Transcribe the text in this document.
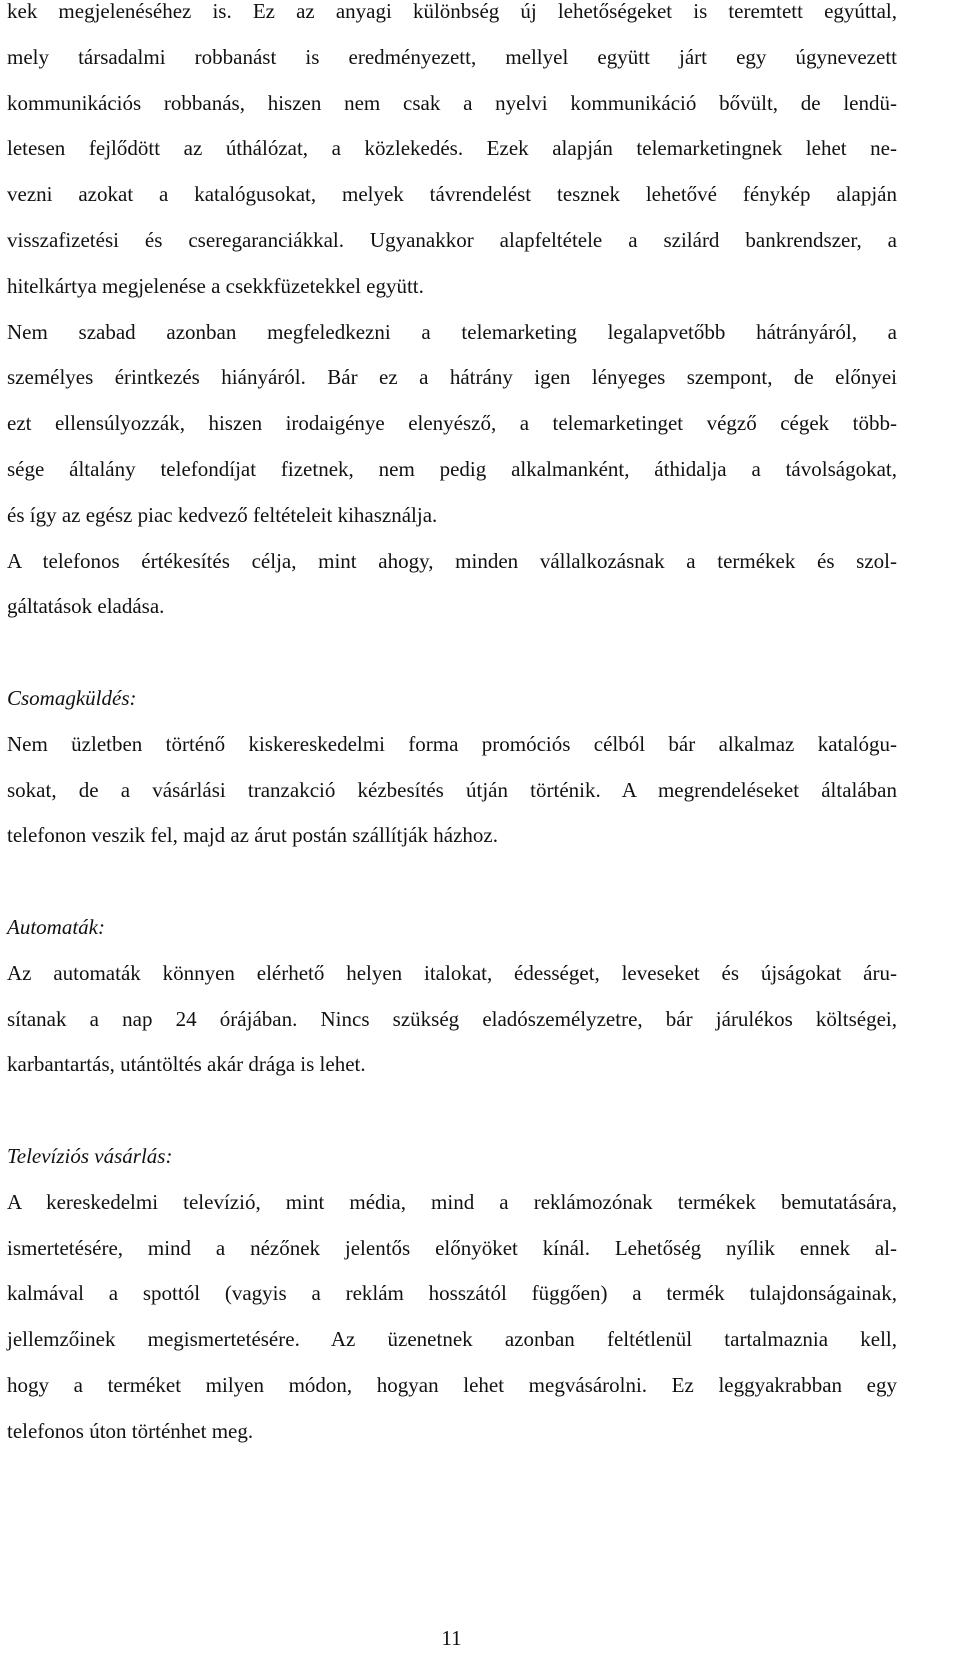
kek megjelenéséhez is. Ez az anyagi különbség új lehetőségeket is teremtett egyúttal,
mely társadalmi robbanást is eredményezett, mellyel együtt járt egy úgynevezett
kommunikációs robbanás, hiszen nem csak a nyelvi kommunikáció bővült, de lendü-
letesen fejlődött az úthálózat, a közlekedés. Ezek alapján telemarketingnek lehet ne-
vezni azokat a katalógusokat, melyek távrendelést tesznek lehetővé fénykép alapján
visszafizetési és cseregaranciákkal. Ugyanakkor alapfeltétele a szilárd bankrendszer, a
hitelkártya megjelenése a csekkfüzetekkel együtt.
Nem szabad azonban megfeledkezni a telemarketing legalapvetőbb hátrányáról, a
személyes érintkezés hiányáról. Bár ez a hátrány igen lényeges szempont, de előnyei
ezt ellensúlyozzák, hiszen irodaigénye elenyésző, a telemarketinget végző cégek több-
sége általány telefondíjat fizetnek, nem pedig alkalmanként, áthidalja a távolságokat,
és így az egész piac kedvező feltételeit kihasználja.
A telefonos értékesítés célja, mint ahogy, minden vállalkozásnak a termékek és szol-
gáltatások eladása.
Csomagküldés:
Nem üzletben történő kiskereskedelmi forma promóciós célból bár alkalmaz katalógu-
sokat, de a vásárlási tranzakció kézbesítés útján történik. A megrendeléseket általában
telefonon veszik fel, majd az árut postán szállítják házhoz.
Automaták:
Az automaták könnyen elérhető helyen italokat, édességet, leveseket és újságokat áru-
sítanak a nap 24 órájában. Nincs szükség eladószemélyzetre, bár járulékos költségei,
karbantartás, utántöltés akár drága is lehet.
Televíziós vásárlás:
A kereskedelmi televízió, mint média, mind a reklámozónak termékek bemutatására,
ismertetésére, mind a nézőnek jelentős előnyöket kínál. Lehetőség nyílik ennek al-
kalmával a spottól (vagyis a reklám hosszától függően) a termék tulajdonságainak,
jellemzőinek megismertetésére. Az üzenetnek azonban feltétlenül tartalmaznia kell,
hogy a terméket milyen módon, hogyan lehet megvásárolni. Ez leggyakrabban egy
telefonos úton történhet meg.
11
